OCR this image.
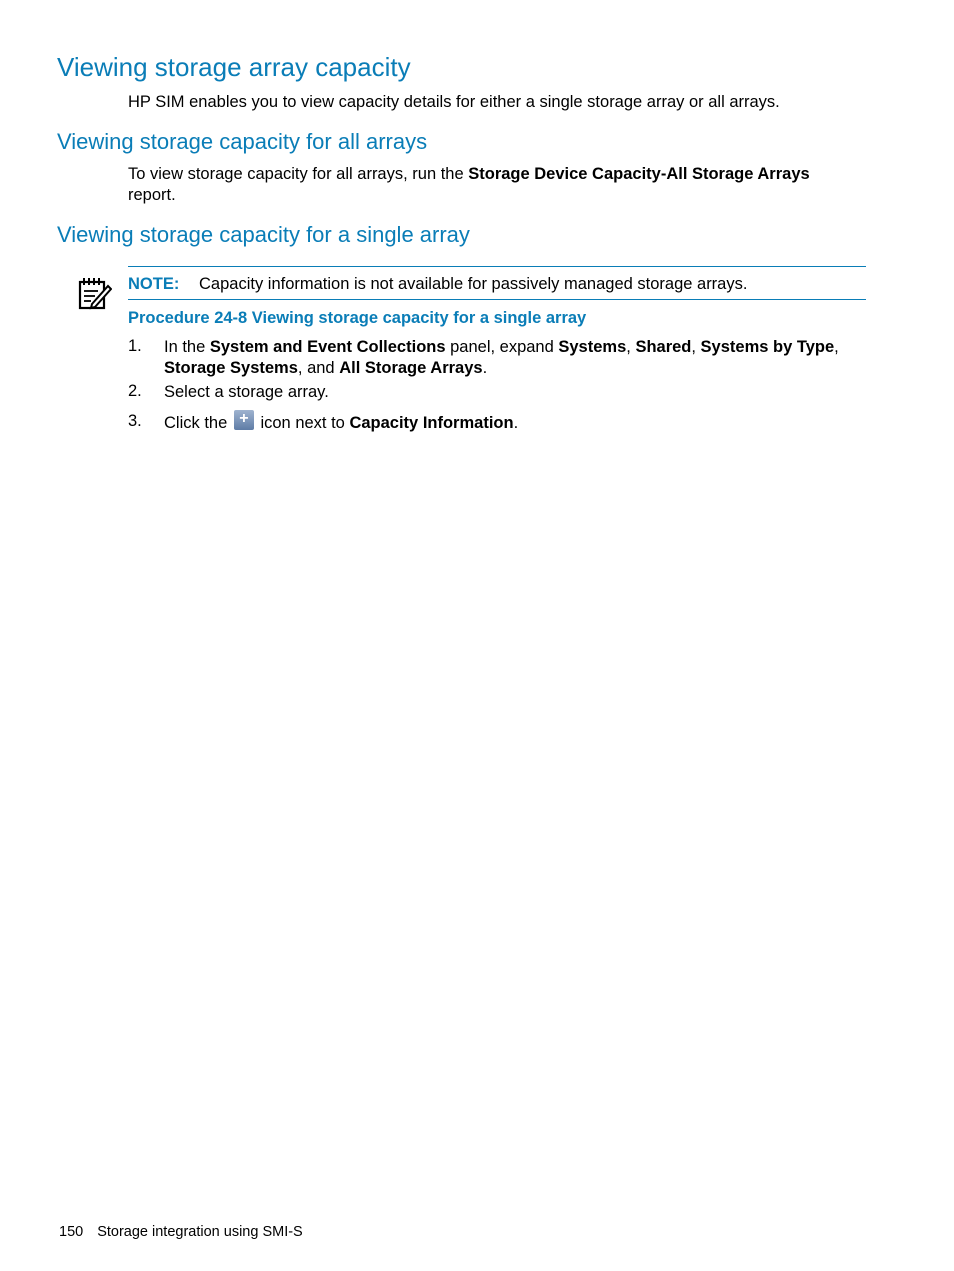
Viewing storage array capacity

HP SIM enables you to view capacity details for either a single storage array or all arrays.

Viewing storage capacity for all arrays

To view storage capacity for all arrays, run the Storage Device Capacity-All Storage Arrays
report.

Viewing storage capacity for a single array
NOTE: Capacity information is not available for passively managed storage arrays.
Procedure 24-8 Viewing storage capacity for a single array
1. In the System and Event Collections panel, expand Systems, Shared, Systems by Type,
Storage Systems, and All Storage Arrays.
2. Select a storage array.
3. Click the + icon next to Capacity Information.
150 Storage integration using SMI-S
